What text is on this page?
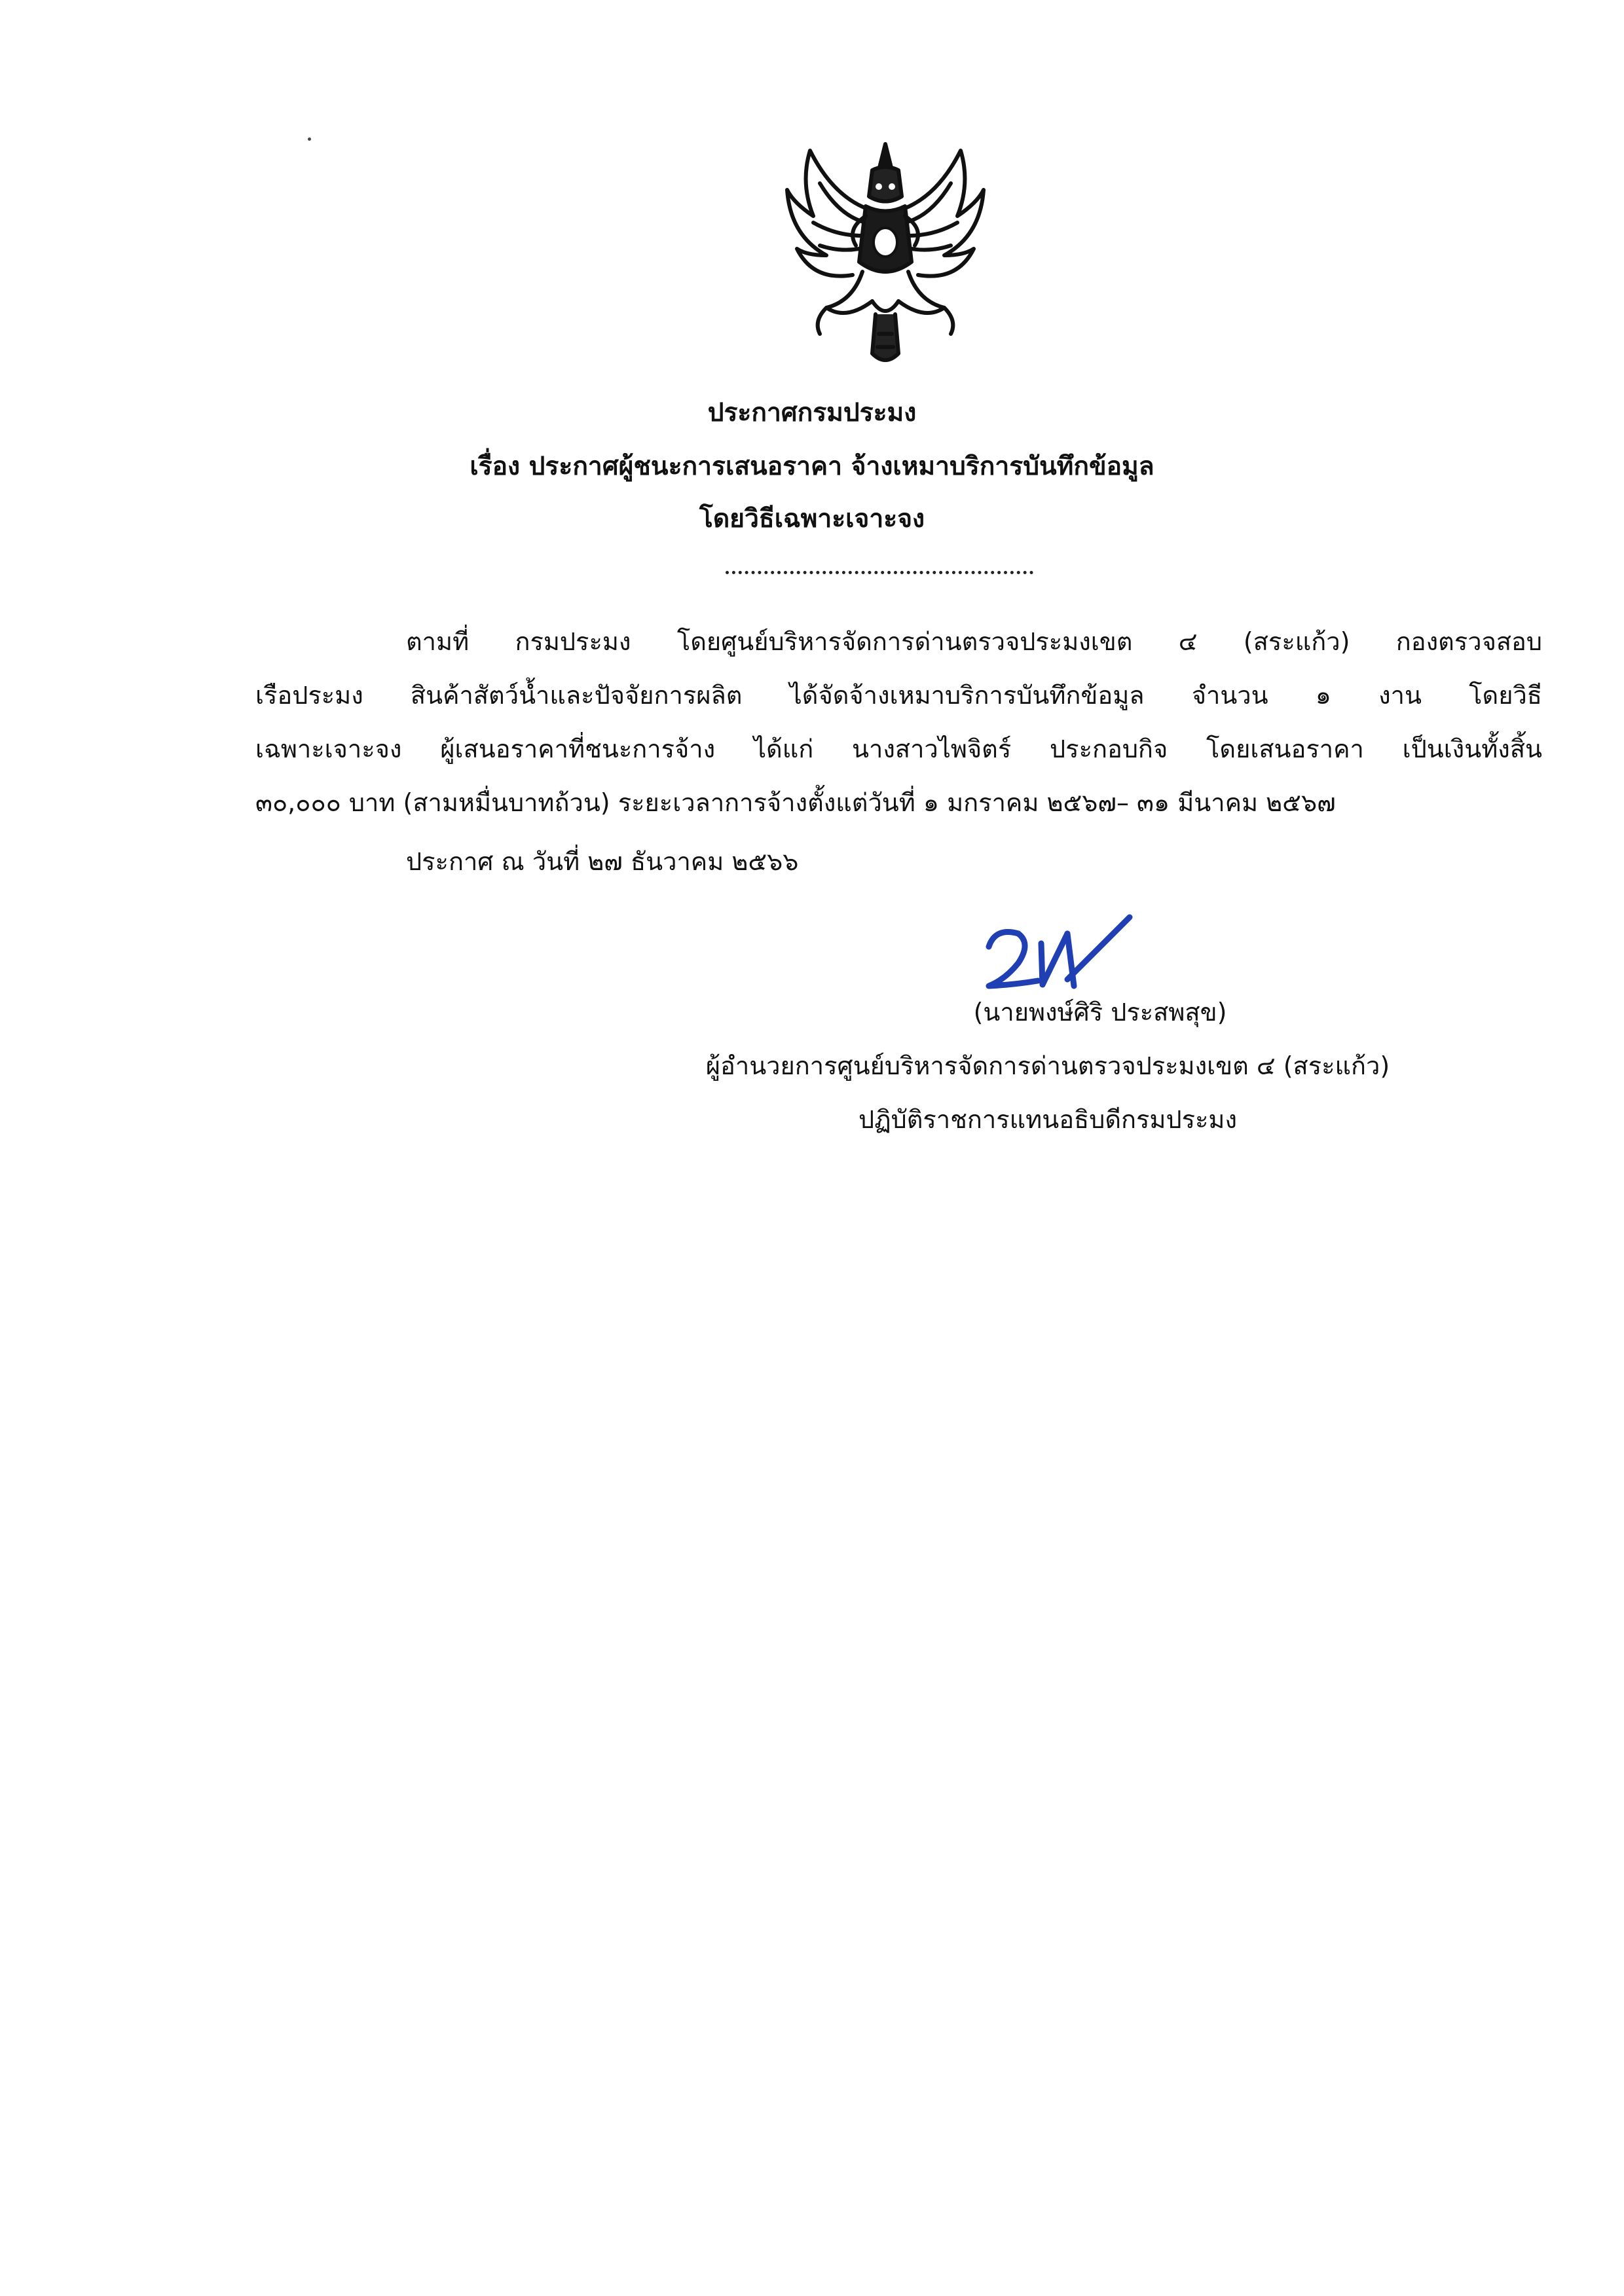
ประกาศกรมประมง
เรื่อง ประกาศผู้ชนะการเสนอราคา จ้างเหมาบริการบันทึกข้อมูล
โดยวิธีเฉพาะเจาะจง
ตามที่ กรมประมง โดยศูนย์บริหารจัดการด่านตรวจประมงเขต ๔ (สระแก้ว) กองตรวจสอบ
เรือประมง สินค้าสัตว์น้ำและปัจจัยการผลิต ได้จัดจ้างเหมาบริการบันทึกข้อมูล จำนวน ๑ งาน โดยวิธี
เฉพาะเจาะจง ผู้เสนอราคาที่ชนะการจ้าง ได้แก่ นางสาวไพจิตร์ ประกอบกิจ โดยเสนอราคา เป็นเงินทั้งสิ้น
๓๐,๐๐๐ บาท (สามหมื่นบาทถ้วน) ระยะเวลาการจ้างตั้งแต่วันที่ ๑ มกราคม ๒๕๖๗– ๓๑ มีนาคม ๒๕๖๗
ประกาศ ณ วันที่ ๒๗ ธันวาคม ๒๕๖๖
(นายพงษ์ศิริ ประสพสุข)
ผู้อำนวยการศูนย์บริหารจัดการด่านตรวจประมงเขต ๔ (สระแก้ว)
ปฏิบัติราชการแทนอธิบดีกรมประมง
